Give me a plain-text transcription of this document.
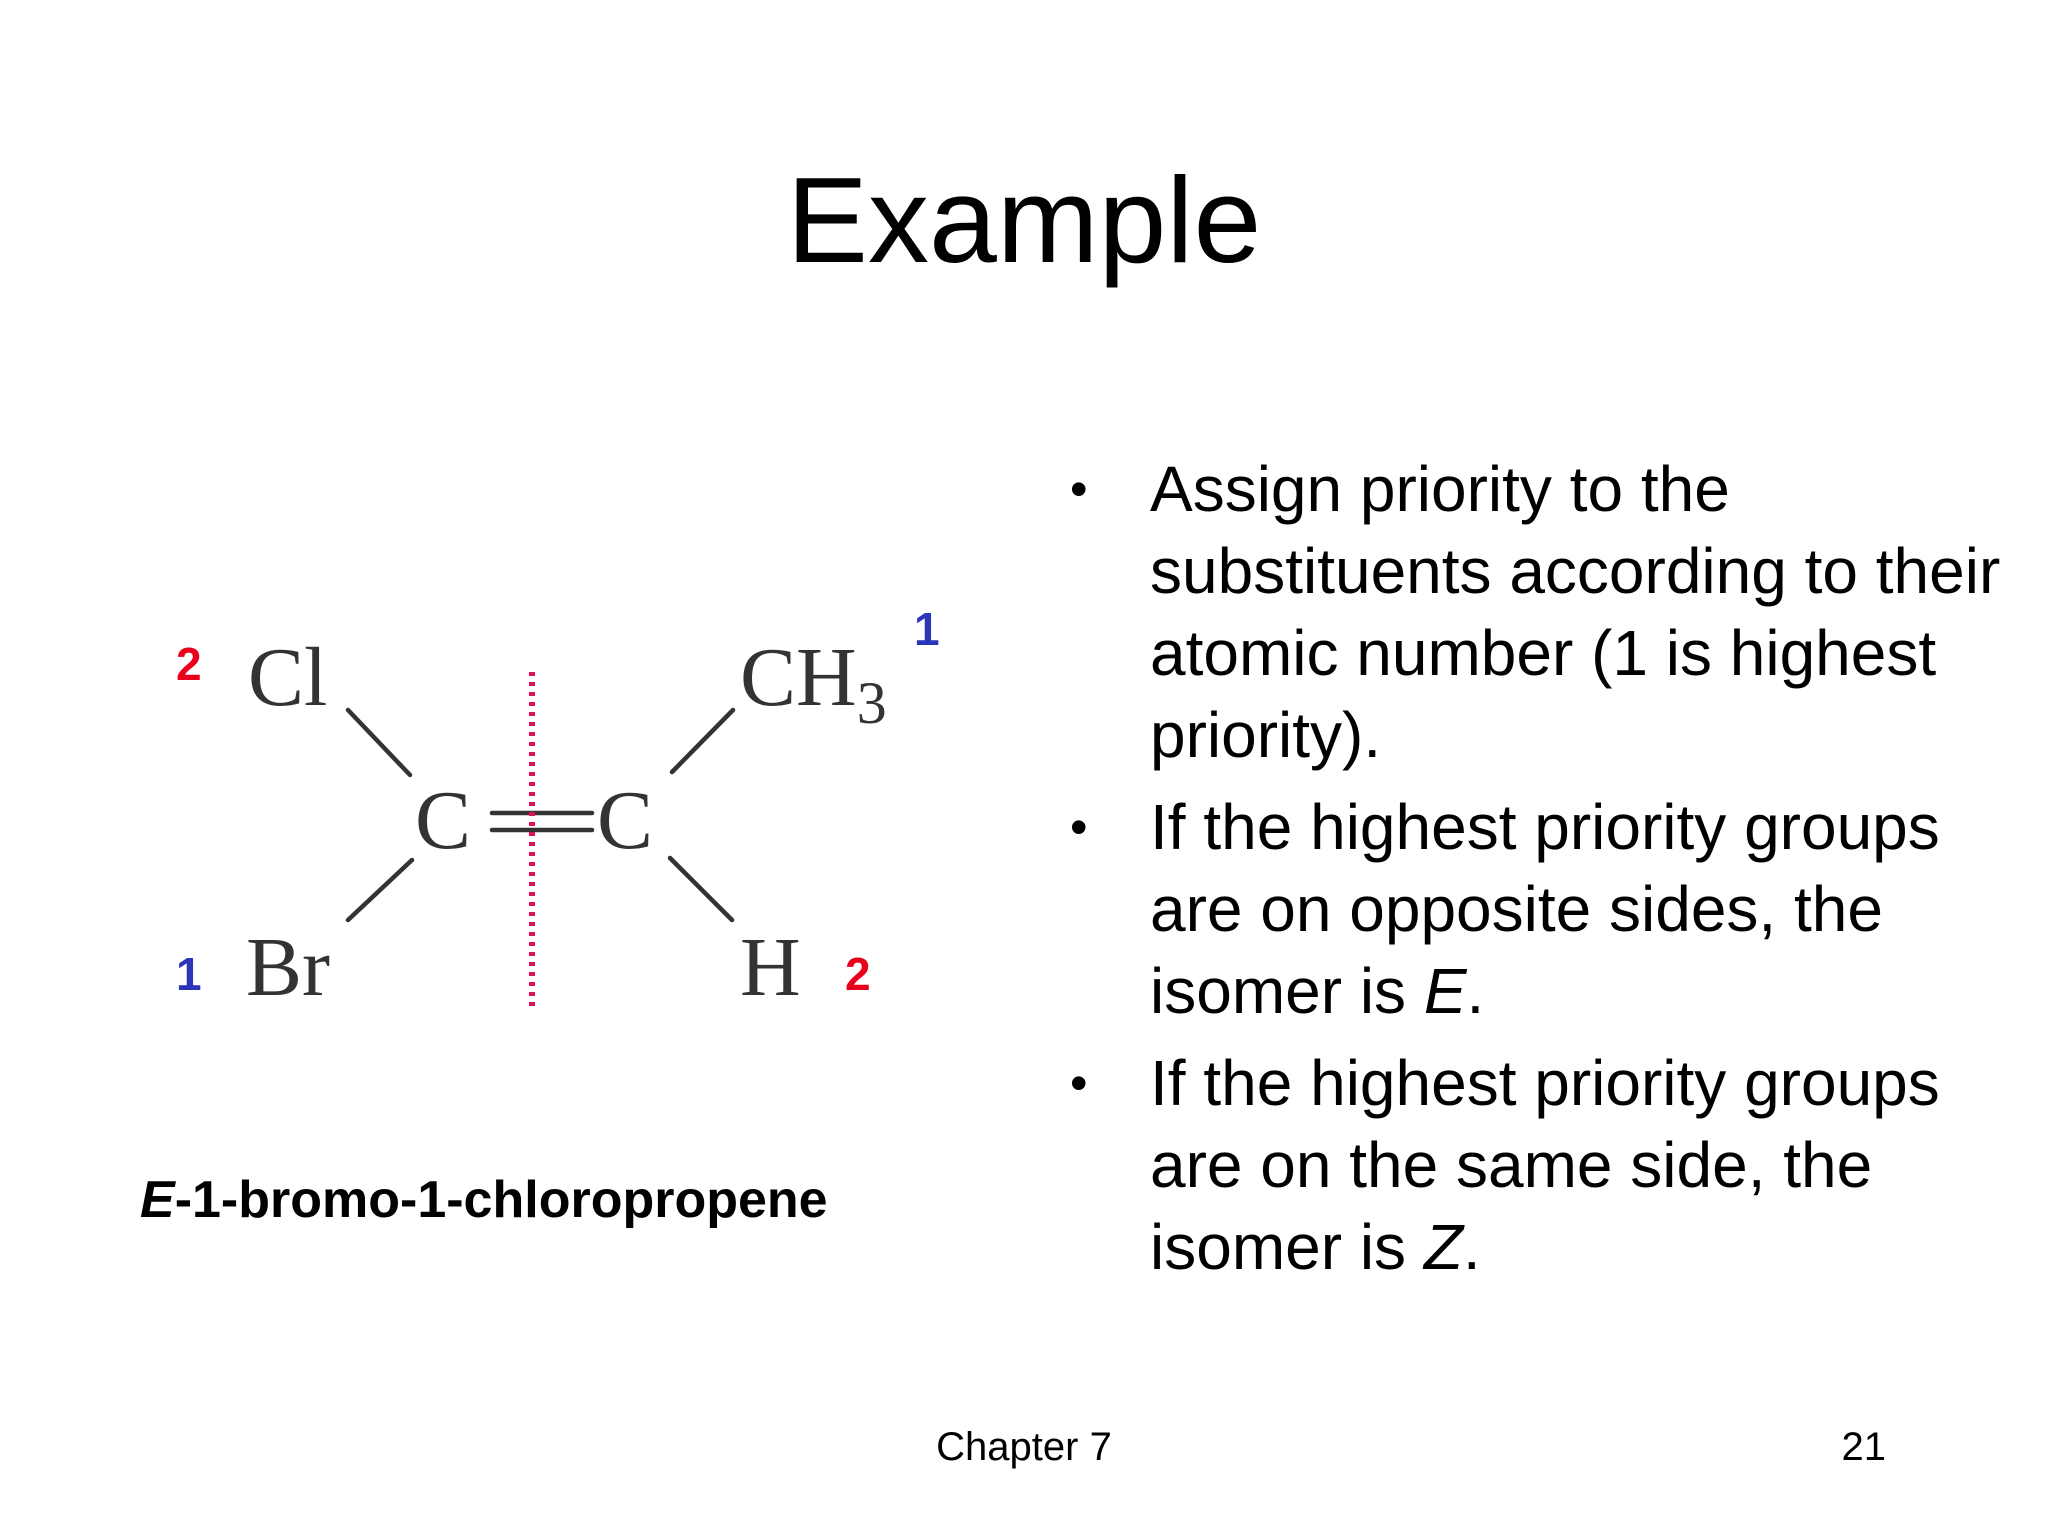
Example
Cl	$CH_3$
C C
Br	H
2
1
1	2
E-1-bromo-1-chloropropene
• Assign priority to the substituents according to their atomic number (1 is highest priority).
• If the highest priority groups are on opposite sides, the isomer is E.
• If the highest priority groups are on the same side, the isomer is Z.
Chapter 7	21
